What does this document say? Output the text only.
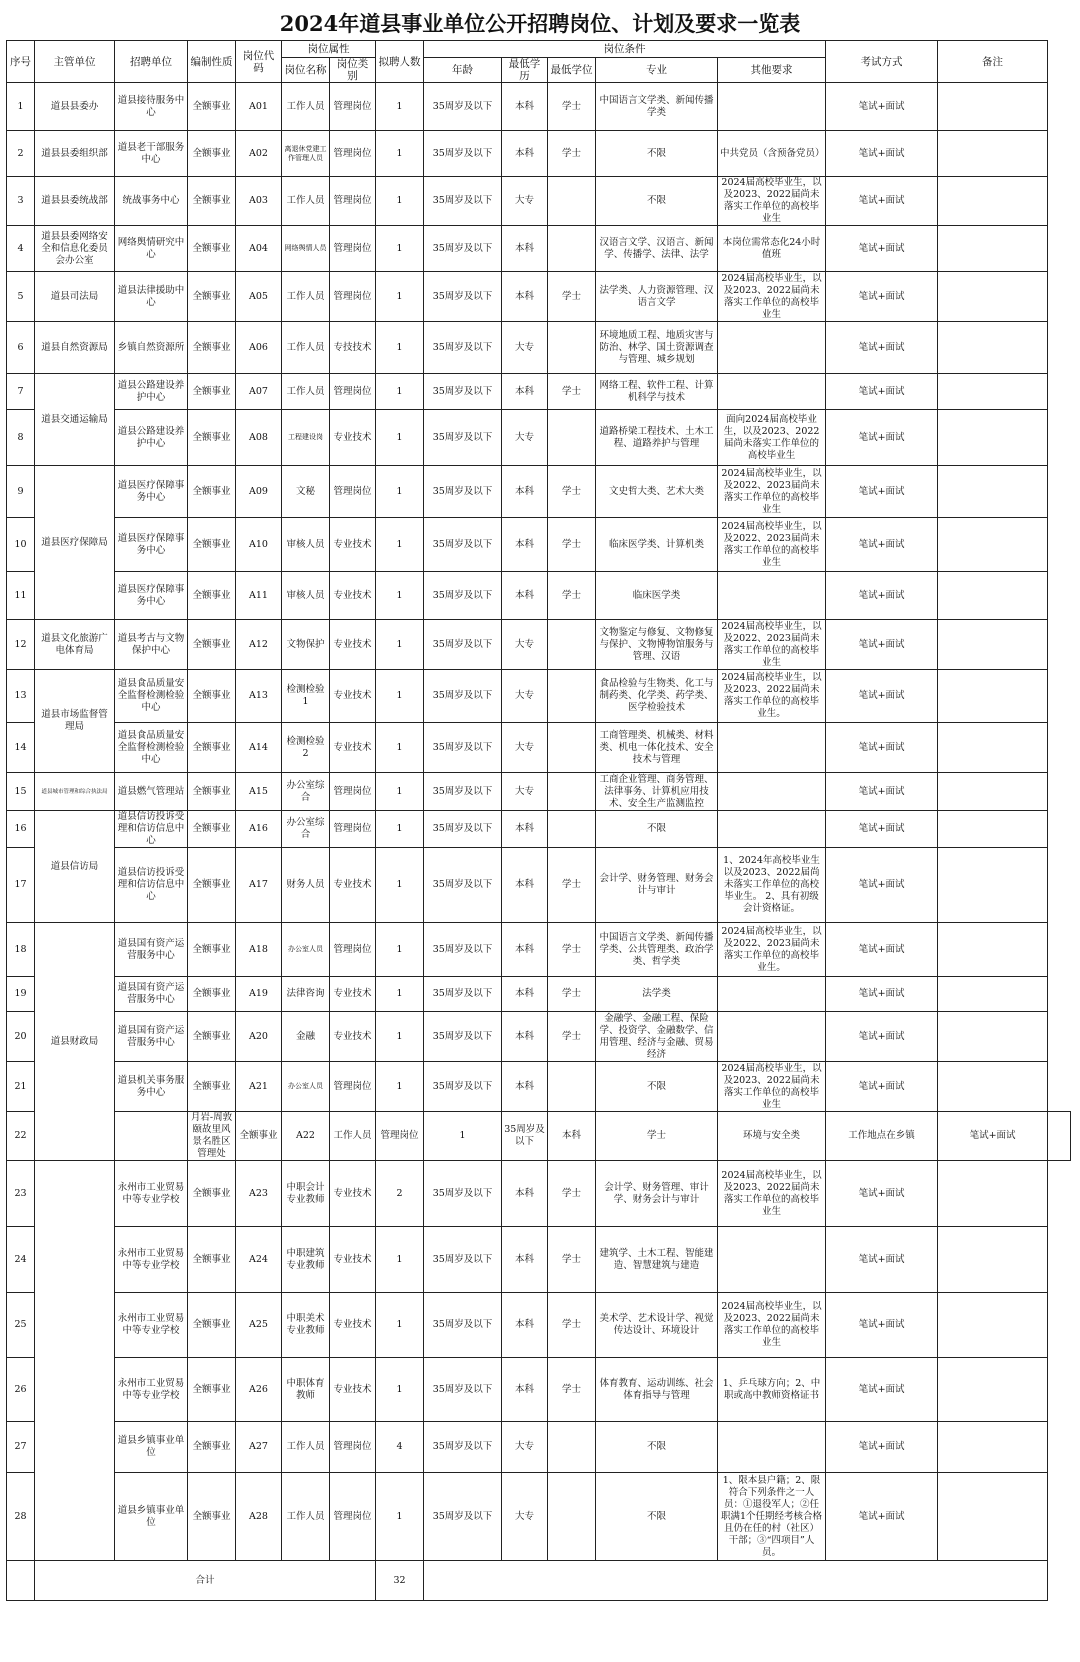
2024年道县事业单位公开招聘岗位、计划及要求一览表
序号	主管单位	招聘单位	编制性质	岗位代码	岗位属性		拟聘人数	岗位条件					考试方式	备注	
					岗位名称	岗位类别		年龄	最低学历	最低学位	专业	其他要求			
1	道县县委办	道县接待服务中心	全额事业	A01	工作人员	管理岗位	1	35周岁及以下	本科	学士	中国语言文学类、新闻传播学类		笔试+面试		
2	道县县委组织部	道县老干部服务中心	全额事业	A02	离退休党建工作管理人员	管理岗位	1	35周岁及以下	本科	学士	不限	中共党员（含预备党员）	笔试+面试		
3	道县县委统战部	统战事务中心	全额事业	A03	工作人员	管理岗位	1	35周岁及以下	大专		不限	2024届高校毕业生，以及2023、2022届尚未落实工作单位的高校毕业生	笔试+面试		
4	道县县委网络安全和信息化委员会办公室	网络舆情研究中心	全额事业	A04	网络舆情人员	管理岗位	1	35周岁及以下	本科		汉语言文学、汉语言、新闻学、传播学、法律、法学	本岗位需常态化24小时值班	笔试+面试		
5	道县司法局	道县法律援助中心	全额事业	A05	工作人员	管理岗位	1	35周岁及以下	本科	学士	法学类、人力资源管理、汉语言文学	2024届高校毕业生，以及2023、2022届尚未落实工作单位的高校毕业生	笔试+面试		
6	道县自然资源局	乡镇自然资源所	全额事业	A06	工作人员	专技技术	1	35周岁及以下	大专		环境地质工程、地质灾害与防治、林学、国土资源调查与管理、城乡规划		笔试+面试		
7	道县交通运输局	道县公路建设养护中心	全额事业	A07	工作人员	管理岗位	1	35周岁及以下	本科	学士	网络工程、软件工程、计算机科学与技术		笔试+面试		
8		道县公路建设养护中心	全额事业	A08	工程建设岗	专业技术	1	35周岁及以下	大专		道路桥梁工程技术、土木工程、道路养护与管理	面向2024届高校毕业生，以及2023、2022届尚未落实工作单位的高校毕业生	笔试+面试		
9	道县医疗保障局	道县医疗保障事务中心	全额事业	A09	文秘	管理岗位	1	35周岁及以下	本科	学士	文史哲大类、艺术大类	2024届高校毕业生，以及2022、2023届尚未落实工作单位的高校毕业生	笔试+面试		
10		道县医疗保障事务中心	全额事业	A10	审核人员	专业技术	1	35周岁及以下	本科	学士	临床医学类、计算机类	2024届高校毕业生，以及2022、2023届尚未落实工作单位的高校毕业生	笔试+面试		
11		道县医疗保障事务中心	全额事业	A11	审核人员	专业技术	1	35周岁及以下	本科	学士	临床医学类		笔试+面试		
12	道县文化旅游广电体育局	道县考古与文物保护中心	全额事业	A12	文物保护	专业技术	1	35周岁及以下	大专		文物鉴定与修复、文物修复与保护、文物博物馆服务与管理、汉语	2024届高校毕业生，以及2022、2023届尚未落实工作单位的高校毕业生	笔试+面试		
13	道县市场监督管理局	道县食品质量安全监督检测检验中心	全额事业	A13	检测检验1	专业技术	1	35周岁及以下	大专		食品检验与生物类、化工与制药类、化学类、药学类、医学检验技术	2024届高校毕业生，以及2023、2022届尚未落实工作单位的高校毕业生。	笔试+面试		
14		道县食品质量安全监督检测检验中心	全额事业	A14	检测检验2	专业技术	1	35周岁及以下	大专		工商管理类、机械类、材料类、机电一体化技术、安全技术与管理		笔试+面试		
15	道县城市管理和综合执法局	道县燃气管理站	全额事业	A15	办公室综合	管理岗位	1	35周岁及以下	大专		工商企业管理、商务管理、法律事务、计算机应用技术、安全生产监测监控		笔试+面试		
16	道县信访局	道县信访投诉受理和信访信息中心	全额事业	A16	办公室综合	管理岗位	1	35周岁及以下	本科		不限		笔试+面试		
17		道县信访投诉受理和信访信息中心	全额事业	A17	财务人员	专业技术	1	35周岁及以下	本科	学士	会计学、财务管理、财务会计与审计	1、2024年高校毕业生以及2023、2022届尚未落实工作单位的高校毕业生。 2、具有初级会计资格证。	笔试+面试		
18	道县财政局	道县国有资产运营服务中心	全额事业	A18	办公室人员	管理岗位	1	35周岁及以下	本科	学士	中国语言文学类、新闻传播学类、公共管理类、政治学类、哲学类	2024届高校毕业生，以及2022、2023届尚未落实工作单位的高校毕业生。	笔试+面试		
19		道县国有资产运营服务中心	全额事业	A19	法律咨询	专业技术	1	35周岁及以下	本科	学士	法学类		笔试+面试		
20		道县国有资产运营服务中心	全额事业	A20	金融	专业技术	1	35周岁及以下	本科	学士	金融学、金融工程、保险学、投资学、金融数学、信用管理、经济与金融、贸易经济		笔试+面试		
21		道县机关事务服务中心	全额事业	A21	办公室人员	管理岗位	1	35周岁及以下	本科		不限	2024届高校毕业生，以及2023、2022届尚未落实工作单位的高校毕业生	笔试+面试		
22			月岩-周敦颐故里风景名胜区管理处	全额事业	A22	工作人员	管理岗位	1	35周岁及以下	本科	学士	环境与安全类	工作地点在乡镇	笔试+面试	
23		永州市工业贸易中等专业学校	全额事业	A23	中职会计专业教师	专业技术	2	35周岁及以下	本科	学士	会计学、财务管理、审计学、财务会计与审计	2024届高校毕业生，以及2023、2022届尚未落实工作单位的高校毕业生	笔试+面试		
24		永州市工业贸易中等专业学校	全额事业	A24	中职建筑专业教师	专业技术	1	35周岁及以下	本科	学士	建筑学、土木工程、智能建造、智慧建筑与建造		笔试+面试		
25		永州市工业贸易中等专业学校	全额事业	A25	中职美术专业教师	专业技术	1	35周岁及以下	本科	学士	美术学、艺术设计学、视觉传达设计、环境设计	2024届高校毕业生，以及2023、2022届尚未落实工作单位的高校毕业生	笔试+面试		
26		永州市工业贸易中等专业学校	全额事业	A26	中职体育教师	专业技术	1	35周岁及以下	本科	学士	体育教育、运动训练、社会体育指导与管理	1、乒乓球方向；2、中职或高中教师资格证书	笔试+面试		
27		道县乡镇事业单位	全额事业	A27	工作人员	管理岗位	4	35周岁及以下	大专		不限		笔试+面试		
28		道县乡镇事业单位	全额事业	A28	工作人员	管理岗位	1	35周岁及以下	大专		不限	1、限本县户籍；2、限符合下列条件之一人员：①退役军人；②任职满1个任期经考核合格且仍在任的村（社区）干部；③“四项目”人员。	笔试+面试		
	合计						32								
